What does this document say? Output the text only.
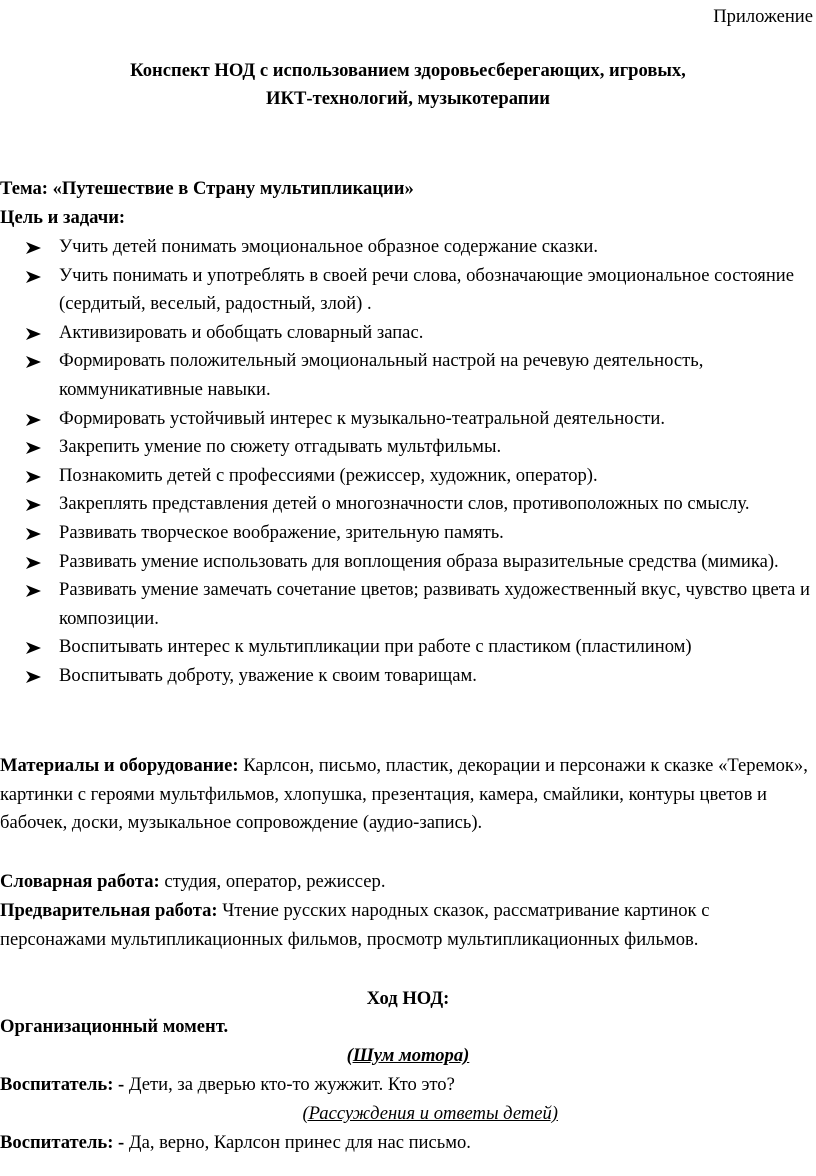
Приложение
Конспект НОД с использованием здоровьесберегающих, игровых,
ИКТ-технологий, музыкотерапии
Тема: «Путешествие в Страну мультипликации»
Цель и задачи:
Учить детей понимать эмоциональное образное содержание сказки.
Учить понимать и употреблять в своей речи слова, обозначающие эмоциональное состояние (сердитый, веселый, радостный, злой) .
Активизировать и обобщать словарный запас.
Формировать положительный эмоциональный настрой на речевую деятельность, коммуникативные навыки.
Формировать устойчивый интерес к музыкально-театральной деятельности.
Закрепить умение по сюжету отгадывать мультфильмы.
Познакомить детей с профессиями (режиссер, художник, оператор).
Закреплять представления детей о многозначности слов, противоположных по смыслу.
Развивать творческое воображение, зрительную память.
Развивать умение использовать для воплощения образа выразительные средства (мимика).
Развивать умение замечать сочетание цветов; развивать художественный вкус, чувство цвета и композиции.
Воспитывать интерес к мультипликации при работе с пластиком (пластилином)
Воспитывать доброту, уважение к своим товарищам.
Материалы и оборудование: Карлсон, письмо, пластик, декорации и персонажи к сказке «Теремок», картинки с героями мультфильмов, хлопушка, презентация, камера, смайлики, контуры цветов и бабочек, доски, музыкальное сопровождение (аудио-запись).
Словарная работа: студия, оператор, режиссер.
Предварительная работа: Чтение русских народных сказок, рассматривание картинок с персонажами мультипликационных фильмов, просмотр мультипликационных фильмов.
Ход НОД:
Организационный момент.
(Шум мотора)
Воспитатель: - Дети, за дверью кто-то жужжит. Кто это?
(Рассуждения и ответы детей)
Воспитатель: - Да, верно, Карлсон принес для нас письмо.
